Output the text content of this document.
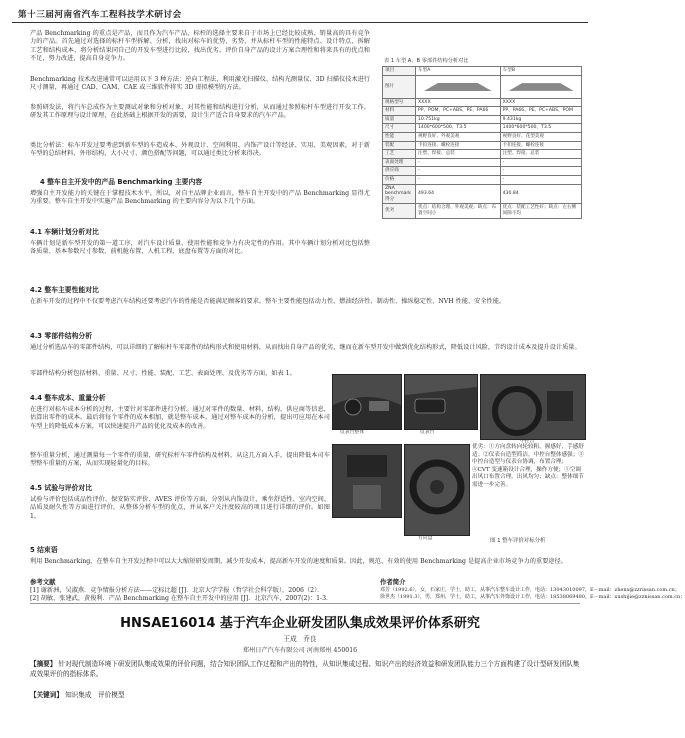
第十三届河南省汽车工程科技学术研讨会
产品 Benchmarking 的重点是产品，而且作为汽车产品，标杆的选择主要来自于市场上已经比较成熟、销量高的具有竞争力的产品。首先通过对选择的标杆车型拆解、分析，找出对标车的优势、劣势，并从标杆车型的性能特点、设计特点、拆解工艺和结构成本，将分析结果同自己的开发车型进行比较，找出优劣。评价自身产品的设计方案合理性和将来具有的优点和不足，努力改进，提高自身竞争力。
Benchmarking 技术改进通常可以运用以下 3 种方法：逆向工程法，利用激光扫描仪、结构光测量仪、3D 扫描仪技术进行尺寸测量，再通过 CAD、CAM、CAE 或三维软件将实 3D 虚拟模型的方法。
参照研发法，将汽车总成作为主要测试对象和分析对象，对其性能和结构进行分析，从而通过参照标杆车型进行开发工作。研发其工作原理与设计原理，在此基础上根据开发的需要，设计生产适合自身要求的汽车产品。
类比分析法：标车开发过要考虑到新车型的车造成本、外观设计、空间利用、内饰产设计等经济、实用、美观因素，对于新车型的总结材料、外形结构、大小尺寸、颜色搭配等问题，可以通过类比分析来得决。
4 整车自主开发中的产品 Benchmarking 主要内容
增强自主开发能力的关键在于掌握技术水平，所以，对自主品牌企业而言，整车自主开发中的产品 Benchmarking 显得尤为重要。整车自主开发中实施产品 Benchmarking 的主要内容分为以下几个方面。
4.1 车辆计划分析对比
车辆计划是新车型开发的第一道工序，对汽车设计质量、使用性能和竞争力有决定性的作用。其中车辆计划分析对比包括整备质量、基本参数尺寸参数、前机舱布置、人机工程、底盘布置等方面的对比。
4.2 整车主要性能对比
在新车开发的过程中不仅要考虑汽车结构还要考虑汽车的性能是否能满足顾客的要求。整车主要性能包括动力性、燃油经济性、制动性、操纵稳定性、NVH 性能、安全性能。
4.3 零部件结构分析
通过分析选品车的零部件结构，可以详细的了解标杆车零部件的结构形式和使用材料，从而找出自身产品的优劣，继而在新车型开发中做到优化结构形式，降低设计风险，节约设计成本及提升设计质量。
零部件结构分析包括材料、重量、尺寸、性能、装配、工艺、表面处理、及优劣等方面，如表 1。
4.4 整车成本、重量分析
在进行对标车成本分析的过程，主要针对零部件进行分析。通过对零件的数量、材料、结构、供应商等信息，估算出零件的成本。最后将每个零件的成本相加，就是整车成本。通过对整车成本的分析，提出可应用在本司车型上的降低成本方案，可以快速提升产品的优化及成本的改善。
整车重量分析，通过测量每一个零件的重量，研究标杆车零件结构及材料，从这几方面入手，提出降低本司车型整车重量的方案，从而实现轻量化的目标。
4.5 试验与评价对比
试验与评价包括成品性评价、保安防实评价、AVES 评价等方面，分别从内饰设计、乘坐舒适性、室内空间、品质及耐久性等方面进行评价，从整体分析车型的优点，并从客户关注度较高的项目进行详细的评价。如图 1。
5 结束语
利用 Benchmarking，在整车自主开发过程中可以大大缩短研发周期，减少开发成本，提高新车开发的速度和质量。因此，规范、有效的使用 Benchmarking 是提高企业市场竞争力的重要途径。
参考文献
[1] 谢新洲，吴淑燕．竞争情报分析方法——定标比超 [J]．北京大学学报（哲学社会科学版），2006（2）．
[2] 胡敏，张建武，黄俊利．产品 Benchmarking 在整车自主开发中的应用 [J]．北京汽车，2007(2)：1-3．
作者简介
邓芳（1992.6），女，石家庄，学士，助工，从事汽车整车设计工作，电话：13043010097，E－mail：zhenx@zzrissan.com.cn；
徐世杰（1991.3），男，郑州，学士，助工，从事汽车外饰设计工作，电话：18538069480，E－mail：xushijie@zznissan.com.cn；
表 1 车型 A、B 零部件结构分析对比
项目	车型A	车型B
图片	

规格型号	XXXX	XXXX
材料	PP、POM、PC+ABS、PE、PA66	PP、PA66、PE、PC+ABS、POM
质量	10.751kg	9.431kg
尺寸	1400*600*500、T3.5	1400*600*500、T3.5
性能	视野良好、外观美观	视野良好、花型美观
装配	卡扣连接、螺栓连接	卡扣连接、螺栓连接
工艺	注塑、焊接、总装	注塑、焊接、总装
表面处理	-	-
供应商	-	-
价格	-	-
ZNA benchmark得分	493.64	430.84
优劣	优点：结构合理、外观美观；缺点：布置空间小	优点：装配工艺性好；缺点：左右侧间隙不均
仪表台整体	仪表台
中控台
方向盘
优劣：①方向盘转向轮较粗，握感好，手感舒适；②仪表台造型简洁，中控台整体感强；③中控台造型与仪表台协调，布置合理；④CVT 变速箱设计合理，操作方便；⑤空调出风口布置合理，出风均匀；缺点：整体细节需进一步完善。
图 1 整车评价对标分析
HNSAE16014 基于汽车企业研发团队集成效果评价体系研究
王成　乔良
郑州日产汽车有限公司 河南郑州 450016
【摘要】 针对现代制造环境下研发团队集成效果的评价问题，结合知识团队工作过程和产出的特性，从知识集成过程、知识产出的经济效益和研发团队能力三个方面构建了设计型研发团队集成效果评价的指标体系。
【关键词】 知识集成　评价模型
